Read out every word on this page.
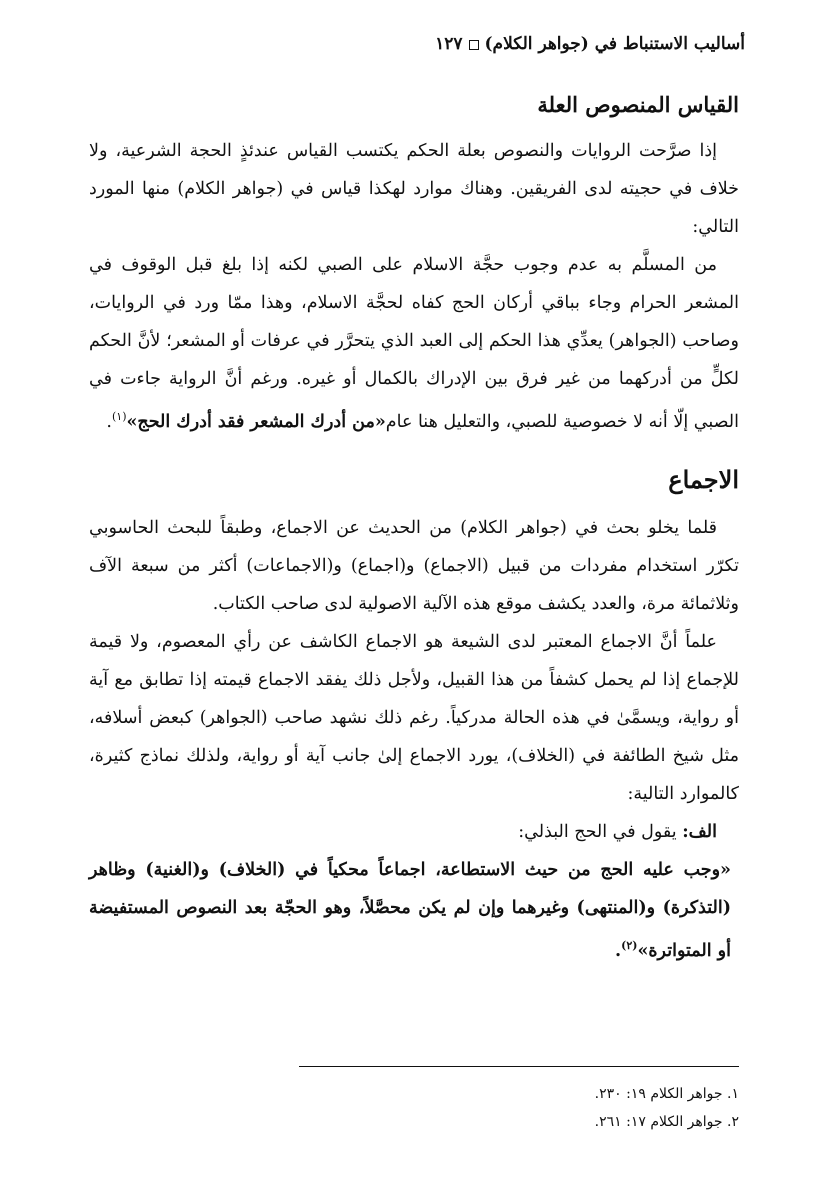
أساليب الاستنباط في (جواهر الكلام)١٢٧
القياس المنصوص العلة

إذا صرَّحت الروايات والنصوص بعلة الحكم يكتسب القياس عندئذٍ الحجة الشرعية، ولا خلاف في حجيته لدى الفريقين. وهناك موارد لهكذا قياس في (جواهر الكلام) منها المورد التالي:

من المسلَّم به عدم وجوب حجَّة الاسلام على الصبي لكنه إذا بلغ قبل الوقوف في المشعر الحرام وجاء بباقي أركان الحج كفاه لحجَّة الاسلام، وهذا ممّا ورد في الروايات، وصاحب (الجواهر) يعدِّي هذا الحكم إلى العبد الذي يتحرَّر في عرفات أو المشعر؛ لأنَّ الحكم لكلٍّ من أدركهما من غير فرق بين الإدراك بالكمال أو غيره. ورغم أنَّ الرواية جاءت في الصبي إلّا أنه لا خصوصية للصبي، والتعليل هنا عام«من أدرك المشعر فقد أدرك الحج»$^{(١)}$.

الاجماع

قلما يخلو بحث في (جواهر الكلام) من الحديث عن الاجماع، وطبقاً للبحث الحاسوبي تكرّر استخدام مفردات من قبيل (الاجماع) و(اجماع) و(الاجماعات) أكثر من سبعة الآف وثلاثمائة مرة، والعدد يكشف موقع هذه الآلية الاصولية لدى صاحب الكتاب.

علماً أنَّ الاجماع المعتبر لدى الشيعة هو الاجماع الكاشف عن رأي المعصوم، ولا قيمة للإجماع إذا لم يحمل كشفاً من هذا القبيل، ولأجل ذلك يفقد الاجماع قيمته إذا تطابق مع آية أو رواية، ويسمَّىٰ في هذه الحالة مدركياً. رغم ذلك نشهد صاحب (الجواهر) كبعض أسلافه، مثل شيخ الطائفة في (الخلاف)، يورد الاجماع إلىٰ جانب آية أو رواية، ولذلك نماذج كثيرة، كالموارد التالية:

الف: يقول في الحج البذلي:

«وجب عليه الحج من حيث الاستطاعة، اجماعاً محكياً في (الخلاف) و(الغنية) وظاهر (التذكرة) و(المنتهى) وغيرهما وإن لم يكن محصَّلاً، وهو الحجّة بعد النصوص المستفيضة أو المتواترة»$^{(٢)}$.

١. جواهر الكلام ١٩: ٢٣٠.
٢. جواهر الكلام ١٧: ٢٦١.
